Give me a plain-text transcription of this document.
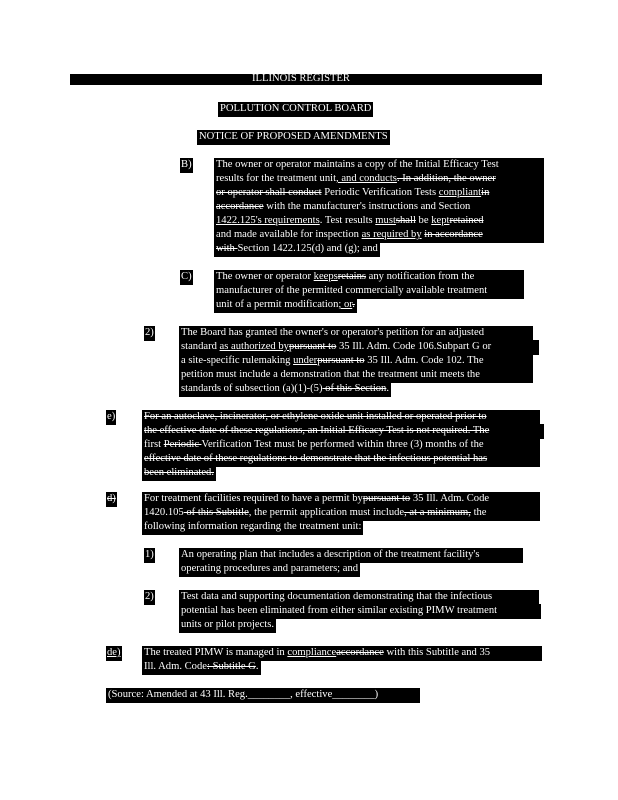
ILLINOIS REGISTER
POLLUTION CONTROL BOARD
NOTICE OF PROPOSED AMENDMENTS
B) The owner or operator maintains a copy of the Initial Efficacy Test
results for the treatment unit, and conducts. In addition, the owner
or operator shall conduct Periodic Verification Tests compliantin
accordance with the manufacturer's instructions and Section
1422.125's requirements. Test results mustshall be keptretained
and made available for inspection as required by in accordance
with Section 1422.125(d) and (g); and
C) The owner or operator keepsretains any notification from the
manufacturer of the permitted commercially available treatment
unit of a permit modification; or.
2)	The Board has granted the owner's or operator's petition for an adjusted
standard as authorized bypursuant to 35 Ill. Adm. Code 106.Subpart G or
a site-specific rulemaking underpursuant to 35 Ill. Adm. Code 102. The
petition must include a demonstration that the treatment unit meets the
standards of subsection (a)(1)-(5) of this Section.
e)	For an autoclave, incinerator, or ethylene oxide unit installed or operated prior to
the effective date of these regulations, an Initial Efficacy Test is not required. The
first Periodic Verification Test must be performed within three (3) months of the
effective date of these regulations to demonstrate that the infectious potential has
been eliminated.
d)	For treatment facilities required to have a permit bypursuant to 35 Ill. Adm. Code
1420.105 of this Subtitle, the permit application must include, at a minimum, the
following information regarding the treatment unit:
1)	An operating plan that includes a description of the treatment facility's
operating procedures and parameters; and
2)	Test data and supporting documentation demonstrating that the infectious
potential has been eliminated from either similar existing PIMW treatment
units or pilot projects.
de) The treated PIMW is managed in complianceaccordance with this Subtitle and 35
Ill. Adm. Code: Subtitle G.
(Source: Amended at 43 Ill. Reg.________, effective________)
